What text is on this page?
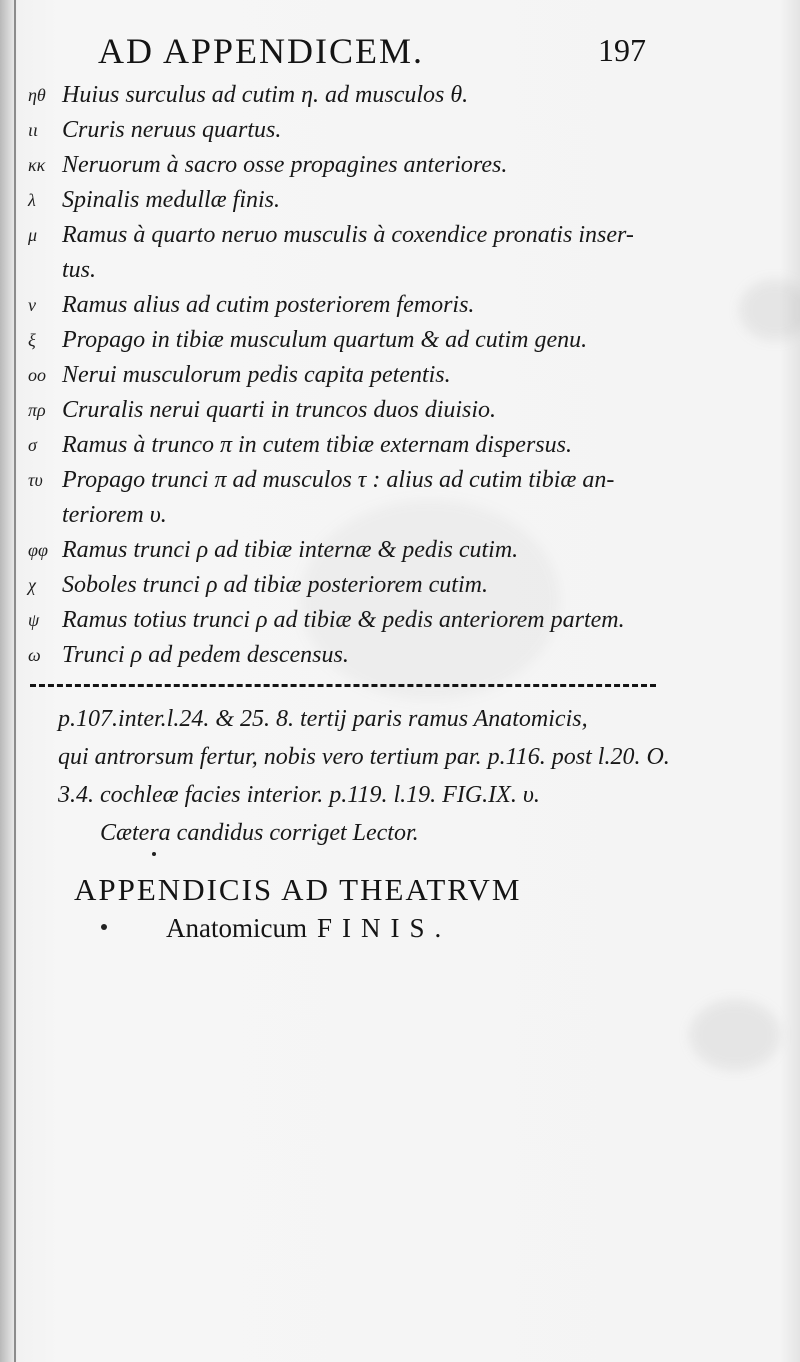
AD APPENDICEM.	197
ηθ Huius surculus ad cutim η. ad musculos θ.
ιι Cruris neruus quartus.
κκ Neruorum à sacro osse propagines anteriores.
λ	Spinalis medullæ finis.
μ	Ramus à quarto neruo musculis à coxendice pronatis inser-
tus.
ν	Ramus alius ad cutim posteriorem femoris.
ξ	Propago in tibiæ musculum quartum & ad cutim genu.
οο Nerui musculorum pedis capita petentis.
πρ Cruralis nerui quarti in truncos duos diuisio.
σ	Ramus à trunco π in cutem tibiæ externam dispersus.
τυ Propago trunci π ad musculos τ : alius ad cutim tibiæ an-
teriorem υ.
φφ Ramus trunci ρ ad tibiæ internæ & pedis cutim.
χ	Soboles trunci ρ ad tibiæ posteriorem cutim.
ψ Ramus totius trunci ρ ad tibiæ & pedis anteriorem partem.
ω Trunci ρ ad pedem descensus.
p.107.inter.l.24. & 25. 8. tertij paris ramus Anatomicis,
qui antrorsum fertur, nobis vero tertium par. p.116. post l.20. O.
3.4. cochleæ facies interior. p.119. l.19. FIG.IX. υ.
Cætera candidus corriget Lector.
APPENDICIS AD THEATRVM
Anatomicum FINIS.
